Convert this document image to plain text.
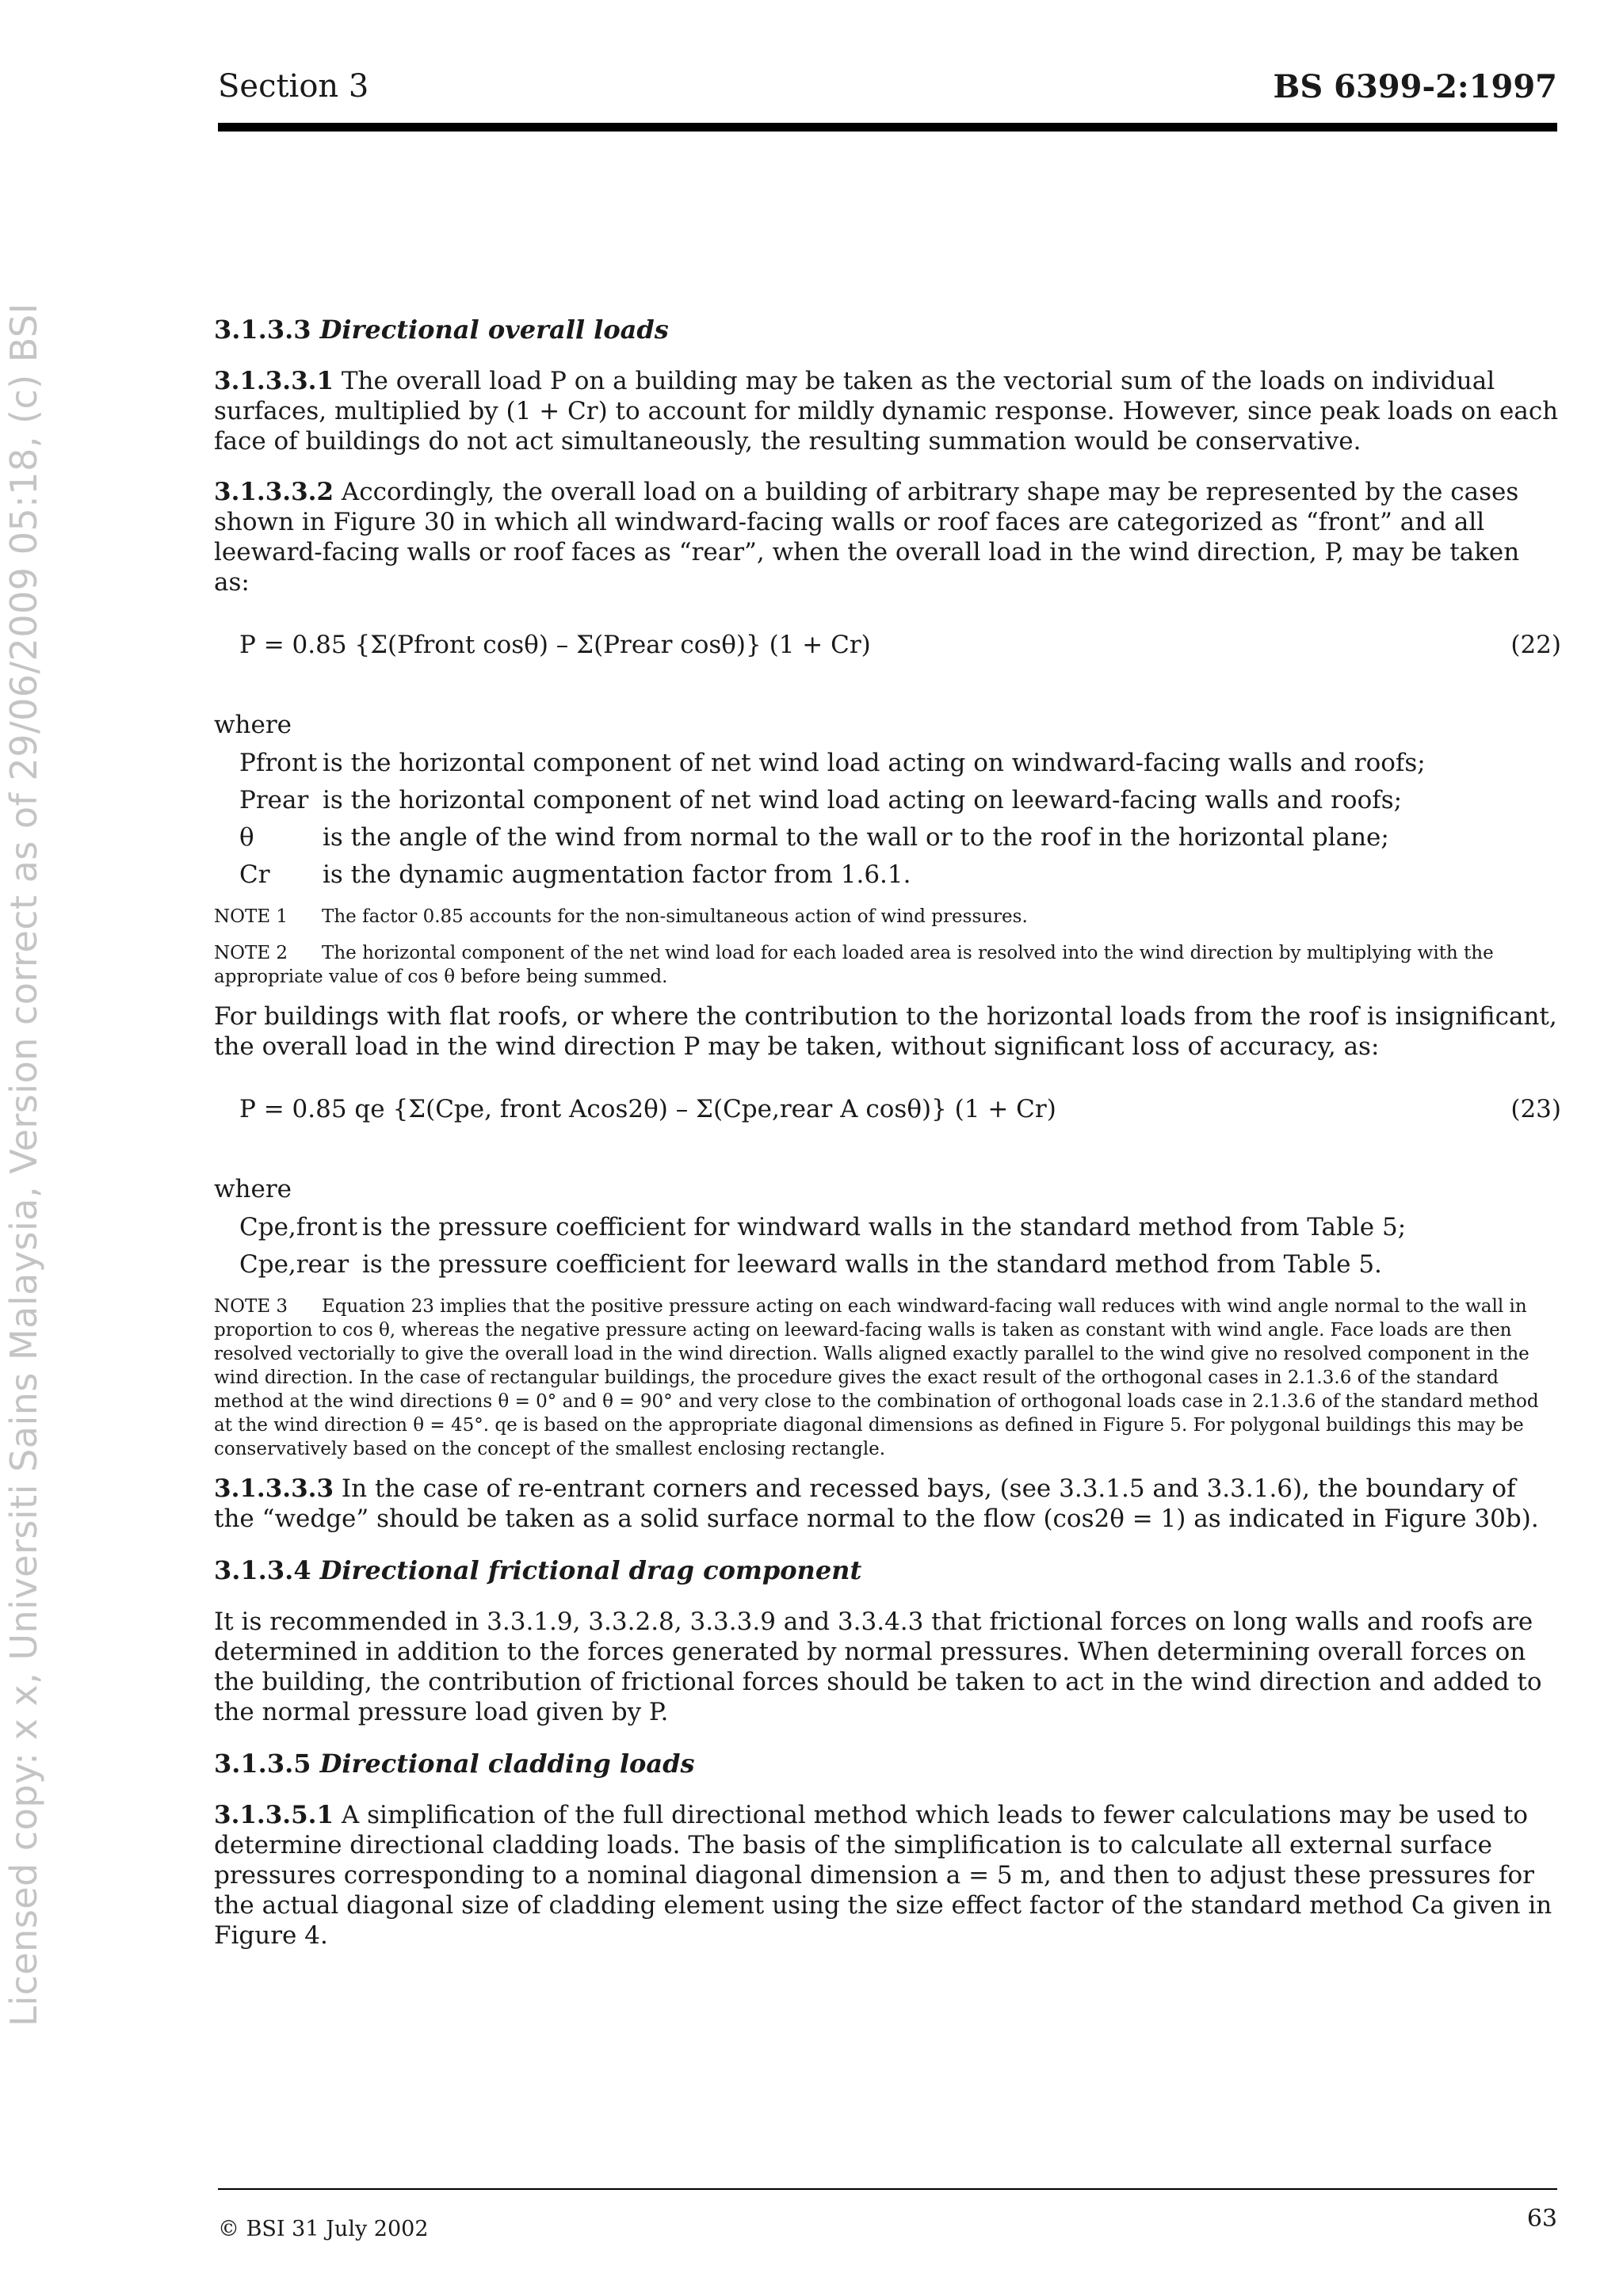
Licensed copy: x x, Universiti Sains Malaysia, Version correct as of 29/06/2009 05:18, (c) BSI
Section 3	BS 6399-2:1997
3.1.3.3 Directional overall loads

3.1.3.3.1 The overall load P on a building may be taken as the vectorial sum of the loads on individual surfaces, multiplied by (1 + Cr) to account for mildly dynamic response. However, since peak loads on each face of buildings do not act simultaneously, the resulting summation would be conservative.

3.1.3.3.2 Accordingly, the overall load on a building of arbitrary shape may be represented by the cases shown in Figure 30 in which all windward-facing walls or roof faces are categorized as “front” and all leeward-facing walls or roof faces as “rear”, when the overall load in the wind direction, P, may be taken as:

P = 0.85 {Σ(Pfront cosθ) – Σ(Prear cosθ)} (1 + Cr)	(22)
where
Pfront is the horizontal component of net wind load acting on windward-facing walls and roofs;
Prear is the horizontal component of net wind load acting on leeward-facing walls and roofs;
θ	is the angle of the wind from normal to the wall or to the roof in the horizontal plane;
Cr	is the dynamic augmentation factor from 1.6.1.
NOTE 1 The factor 0.85 accounts for the non-simultaneous action of wind pressures.
NOTE 2 The horizontal component of the net wind load for each loaded area is resolved into the wind direction by multiplying with the appropriate value of cos θ before being summed.

For buildings with flat roofs, or where the contribution to the horizontal loads from the roof is insignificant, the overall load in the wind direction P may be taken, without significant loss of accuracy, as:

P = 0.85 qe {Σ(Cpe, front Acos2θ) – Σ(Cpe,rear A cosθ)} (1 + Cr)	(23)
where
Cpe,front is the pressure coefficient for windward walls in the standard method from Table 5;
Cpe,rear is the pressure coefficient for leeward walls in the standard method from Table 5.
NOTE 3 Equation 23 implies that the positive pressure acting on each windward-facing wall reduces with wind angle normal to the wall in proportion to cos θ, whereas the negative pressure acting on leeward-facing walls is taken as constant with wind angle. Face loads are then resolved vectorially to give the overall load in the wind direction. Walls aligned exactly parallel to the wind give no resolved component in the wind direction. In the case of rectangular buildings, the procedure gives the exact result of the orthogonal cases in 2.1.3.6 of the standard method at the wind directions θ = 0° and θ = 90° and very close to the combination of orthogonal loads case in 2.1.3.6 of the standard method at the wind direction θ = 45°. qe is based on the appropriate diagonal dimensions as defined in Figure 5. For polygonal buildings this may be conservatively based on the concept of the smallest enclosing rectangle.

3.1.3.3.3 In the case of re-entrant corners and recessed bays, (see 3.3.1.5 and 3.3.1.6), the boundary of the “wedge” should be taken as a solid surface normal to the flow (cos2θ = 1) as indicated in Figure 30b).

3.1.3.4 Directional frictional drag component

It is recommended in 3.3.1.9, 3.3.2.8, 3.3.3.9 and 3.3.4.3 that frictional forces on long walls and roofs are determined in addition to the forces generated by normal pressures. When determining overall forces on the building, the contribution of frictional forces should be taken to act in the wind direction and added to the normal pressure load given by P.

3.1.3.5 Directional cladding loads

3.1.3.5.1 A simplification of the full directional method which leads to fewer calculations may be used to determine directional cladding loads. The basis of the simplification is to calculate all external surface pressures corresponding to a nominal diagonal dimension a = 5 m, and then to adjust these pressures for the actual diagonal size of cladding element using the size effect factor of the standard method Ca given in Figure 4.

© BSI 31 July 2002	63
